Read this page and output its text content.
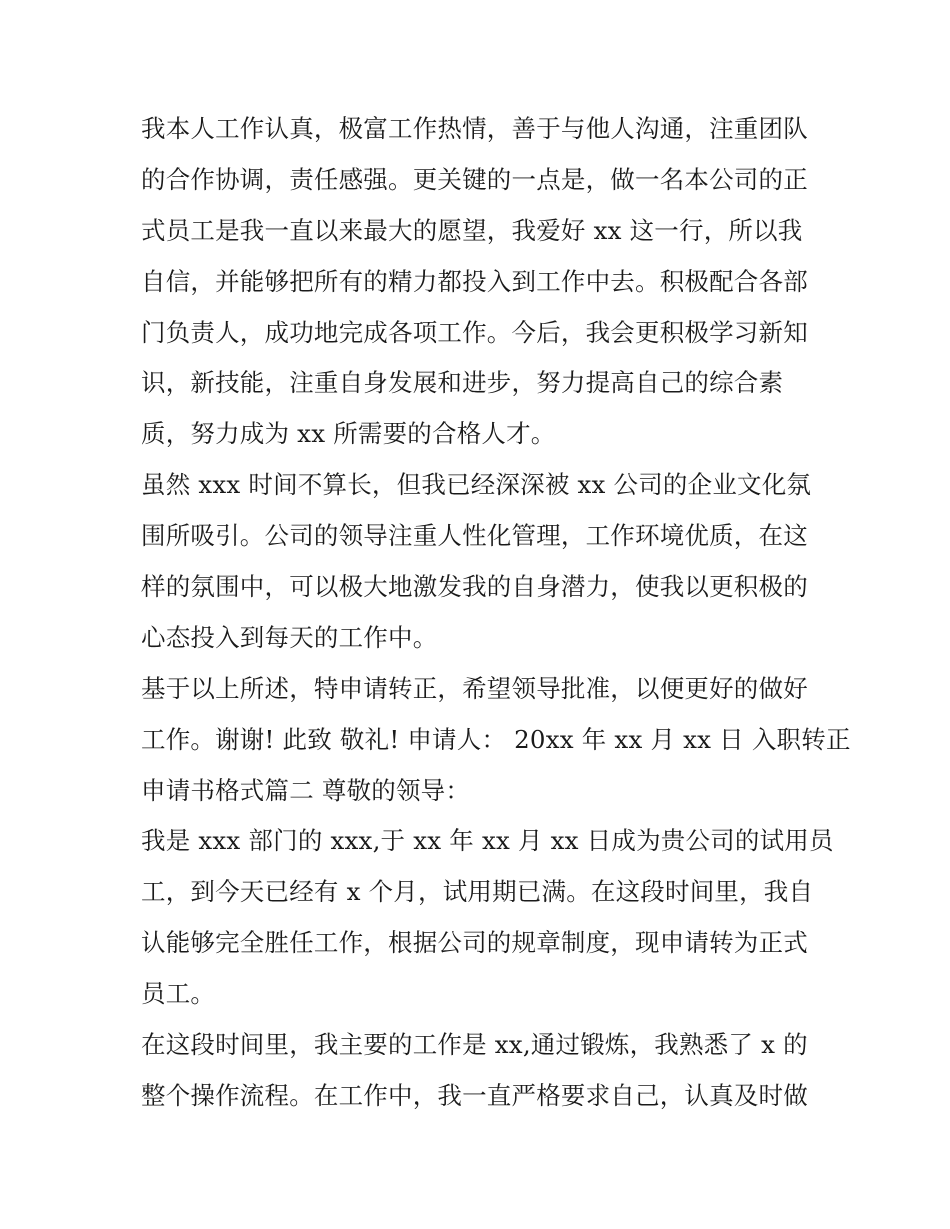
我本人工作认真，极富工作热情，善于与他人沟通，注重团队
的合作协调，责任感强。更关键的一点是，做一名本公司的正
式员工是我一直以来最大的愿望，我爱好 xx 这一行，所以我
自信，并能够把所有的精力都投入到工作中去。积极配合各部
门负责人，成功地完成各项工作。今后，我会更积极学习新知
识，新技能，注重自身发展和进步，努力提高自己的综合素
质，努力成为 xx 所需要的合格人才。
虽然 xxx 时间不算长，但我已经深深被 xx 公司的企业文化氛
围所吸引。公司的领导注重人性化管理，工作环境优质，在这
样的氛围中，可以极大地激发我的自身潜力，使我以更积极的
心态投入到每天的工作中。
基于以上所述，特申请转正，希望领导批准，以便更好的做好
工作。谢谢! 此致 敬礼! 申请人： 20xx 年 xx 月 xx 日 入职转正
申请书格式篇二 尊敬的领导：
我是 xxx 部门的 xxx,于 xx 年 xx 月 xx 日成为贵公司的试用员
工，到今天已经有 x 个月，试用期已满。在这段时间里，我自
认能够完全胜任工作，根据公司的规章制度，现申请转为正式
员工。
在这段时间里，我主要的工作是 xx,通过锻炼，我熟悉了 x 的
整个操作流程。在工作中，我一直严格要求自己，认真及时做
